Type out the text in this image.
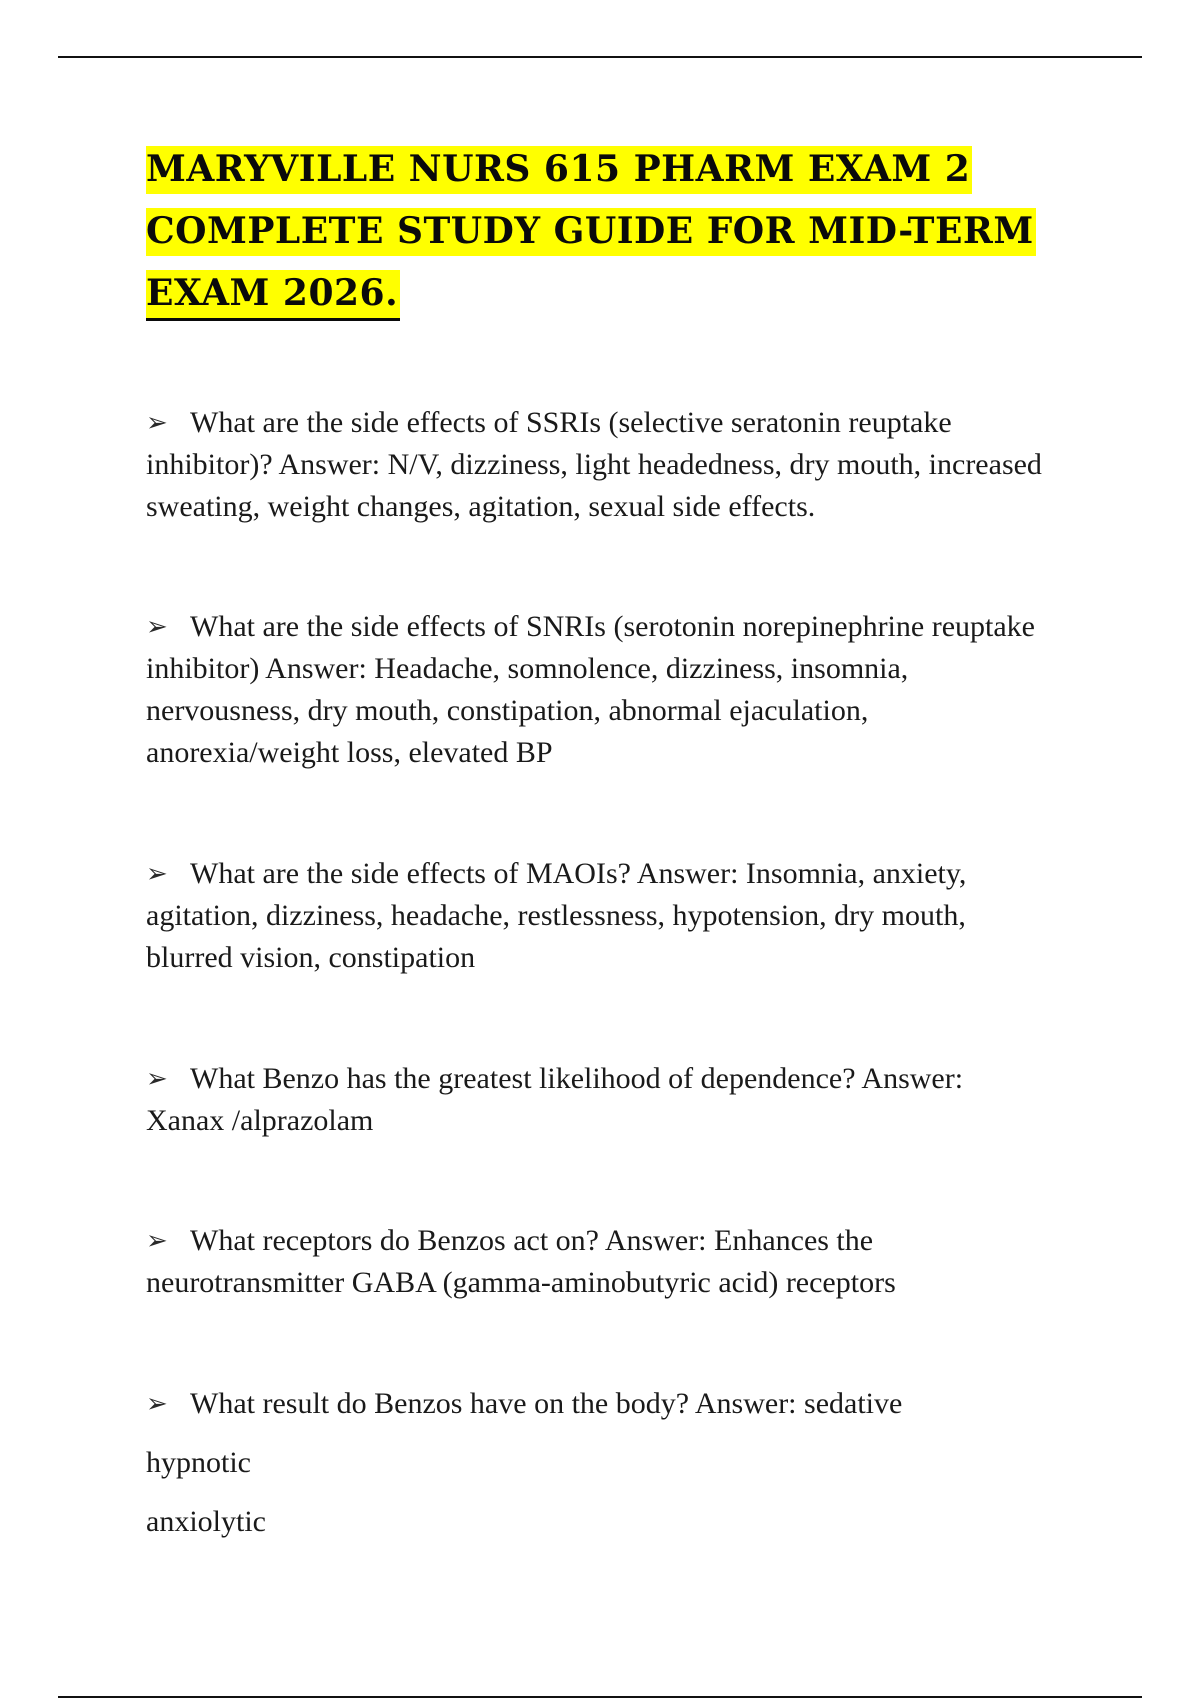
MARYVILLE NURS 615 PHARM EXAM 2
COMPLETE STUDY GUIDE FOR MID-TERM
EXAM 2026.

➢ What are the side effects of SSRIs (selective seratonin reuptake inhibitor)? Answer: N/V, dizziness, light headedness, dry mouth, increased sweating, weight changes, agitation, sexual side effects.

➢ What are the side effects of SNRIs (serotonin norepinephrine reuptake inhibitor) Answer: Headache, somnolence, dizziness, insomnia, nervousness, dry mouth, constipation, abnormal ejaculation, anorexia/weight loss, elevated BP

➢ What are the side effects of MAOIs? Answer: Insomnia, anxiety, agitation, dizziness, headache, restlessness, hypotension, dry mouth, blurred vision, constipation

➢ What Benzo has the greatest likelihood of dependence? Answer: Xanax /alprazolam

➢ What receptors do Benzos act on? Answer: Enhances the neurotransmitter GABA (gamma-aminobutyric acid) receptors

➢ What result do Benzos have on the body? Answer: sedative

hypnotic

anxiolytic
